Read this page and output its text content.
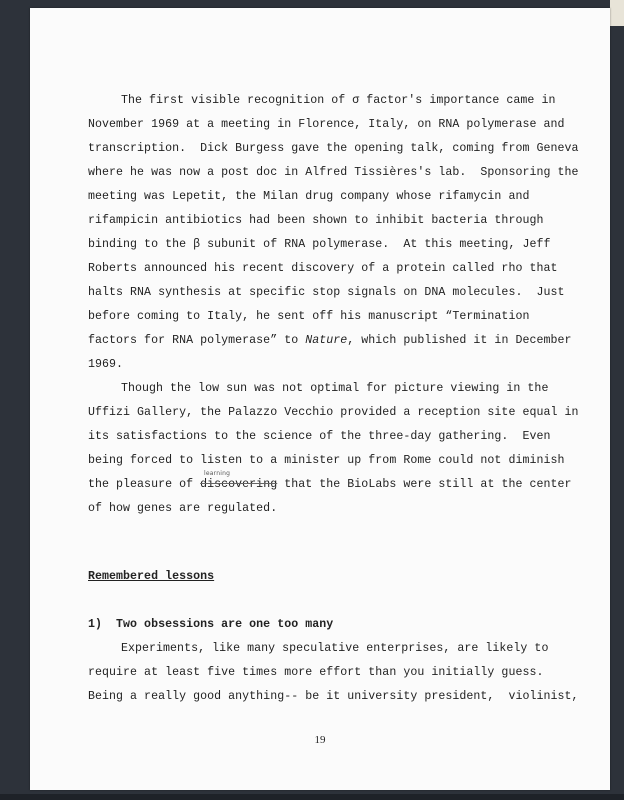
The first visible recognition of σ factor's importance came in
November 1969 at a meeting in Florence, Italy, on RNA polymerase and
transcription.  Dick Burgess gave the opening talk, coming from Geneva
where he was now a post doc in Alfred Tissières's lab.  Sponsoring the
meeting was Lepetit, the Milan drug company whose rifamycin and
rifampicin antibiotics had been shown to inhibit bacteria through
binding to the β subunit of RNA polymerase.  At this meeting, Jeff
Roberts announced his recent discovery of a protein called rho that
halts RNA synthesis at specific stop signals on DNA molecules.  Just
before coming to Italy, he sent off his manuscript “Termination
factors for RNA polymerase” to Nature, which published it in December
1969.
Though the low sun was not optimal for picture viewing in the
Uffizi Gallery, the Palazzo Vecchio provided a reception site equal in
its satisfactions to the science of the three-day gathering.  Even
being forced to listen to a minister up from Rome could not diminish
learning
the pleasure of discovering that the BioLabs were still at the center
of how genes are regulated.
Remembered lessons
1)  Two obsessions are one too many
Experiments, like many speculative enterprises, are likely to
require at least five times more effort than you initially guess.
Being a really good anything-- be it university president,  violinist,
19
